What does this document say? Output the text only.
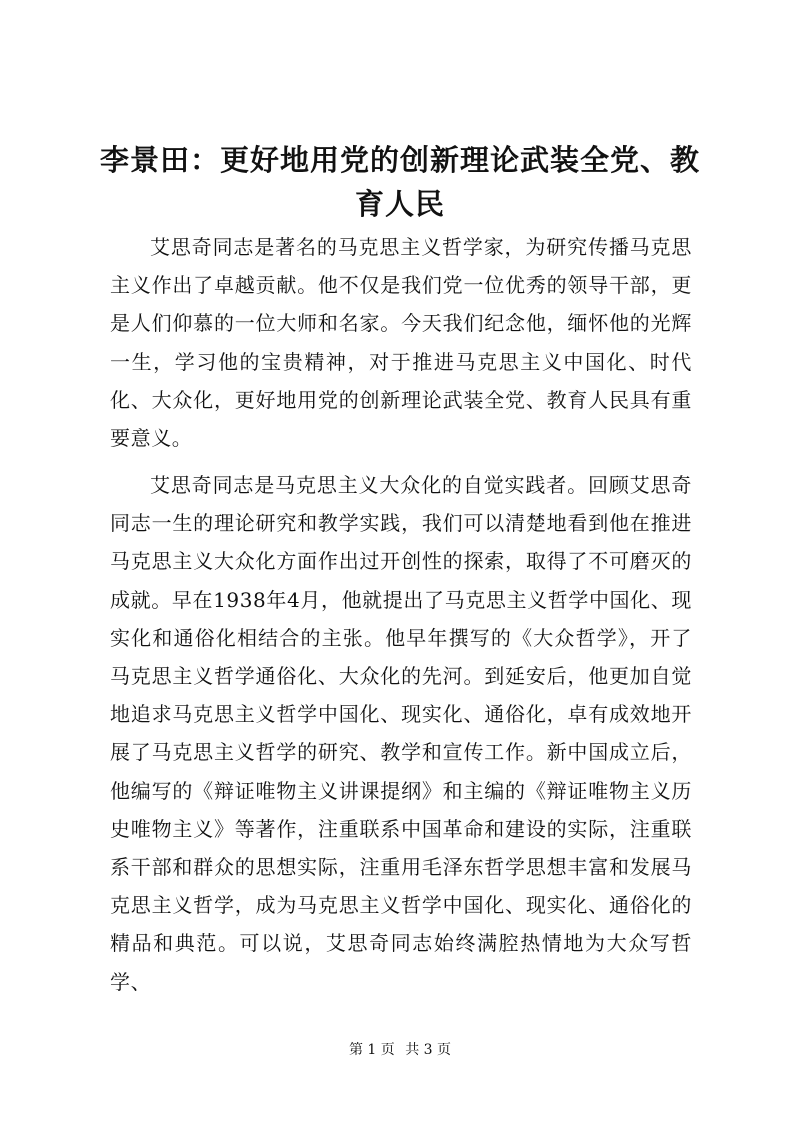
李景田：更好地用党的创新理论武装全党、教育人民

艾思奇同志是著名的马克思主义哲学家，为研究传播马克思主义作出了卓越贡献。他不仅是我们党一位优秀的领导干部，更是人们仰慕的一位大师和名家。今天我们纪念他，缅怀他的光辉一生，学习他的宝贵精神，对于推进马克思主义中国化、时代化、大众化，更好地用党的创新理论武装全党、教育人民具有重要意义。

艾思奇同志是马克思主义大众化的自觉实践者。回顾艾思奇同志一生的理论研究和教学实践，我们可以清楚地看到他在推进马克思主义大众化方面作出过开创性的探索，取得了不可磨灭的成就。早在1938年4月，他就提出了马克思主义哲学中国化、现实化和通俗化相结合的主张。他早年撰写的《大众哲学》，开了马克思主义哲学通俗化、大众化的先河。到延安后，他更加自觉地追求马克思主义哲学中国化、现实化、通俗化，卓有成效地开展了马克思主义哲学的研究、教学和宣传工作。新中国成立后，他编写的《辩证唯物主义讲课提纲》和主编的《辩证唯物主义历史唯物主义》等著作，注重联系中国革命和建设的实际，注重联系干部和群众的思想实际，注重用毛泽东哲学思想丰富和发展马克思主义哲学，成为马克思主义哲学中国化、现实化、通俗化的精品和典范。可以说，艾思奇同志始终满腔热情地为大众写哲学、

第 1 页 共 3 页
